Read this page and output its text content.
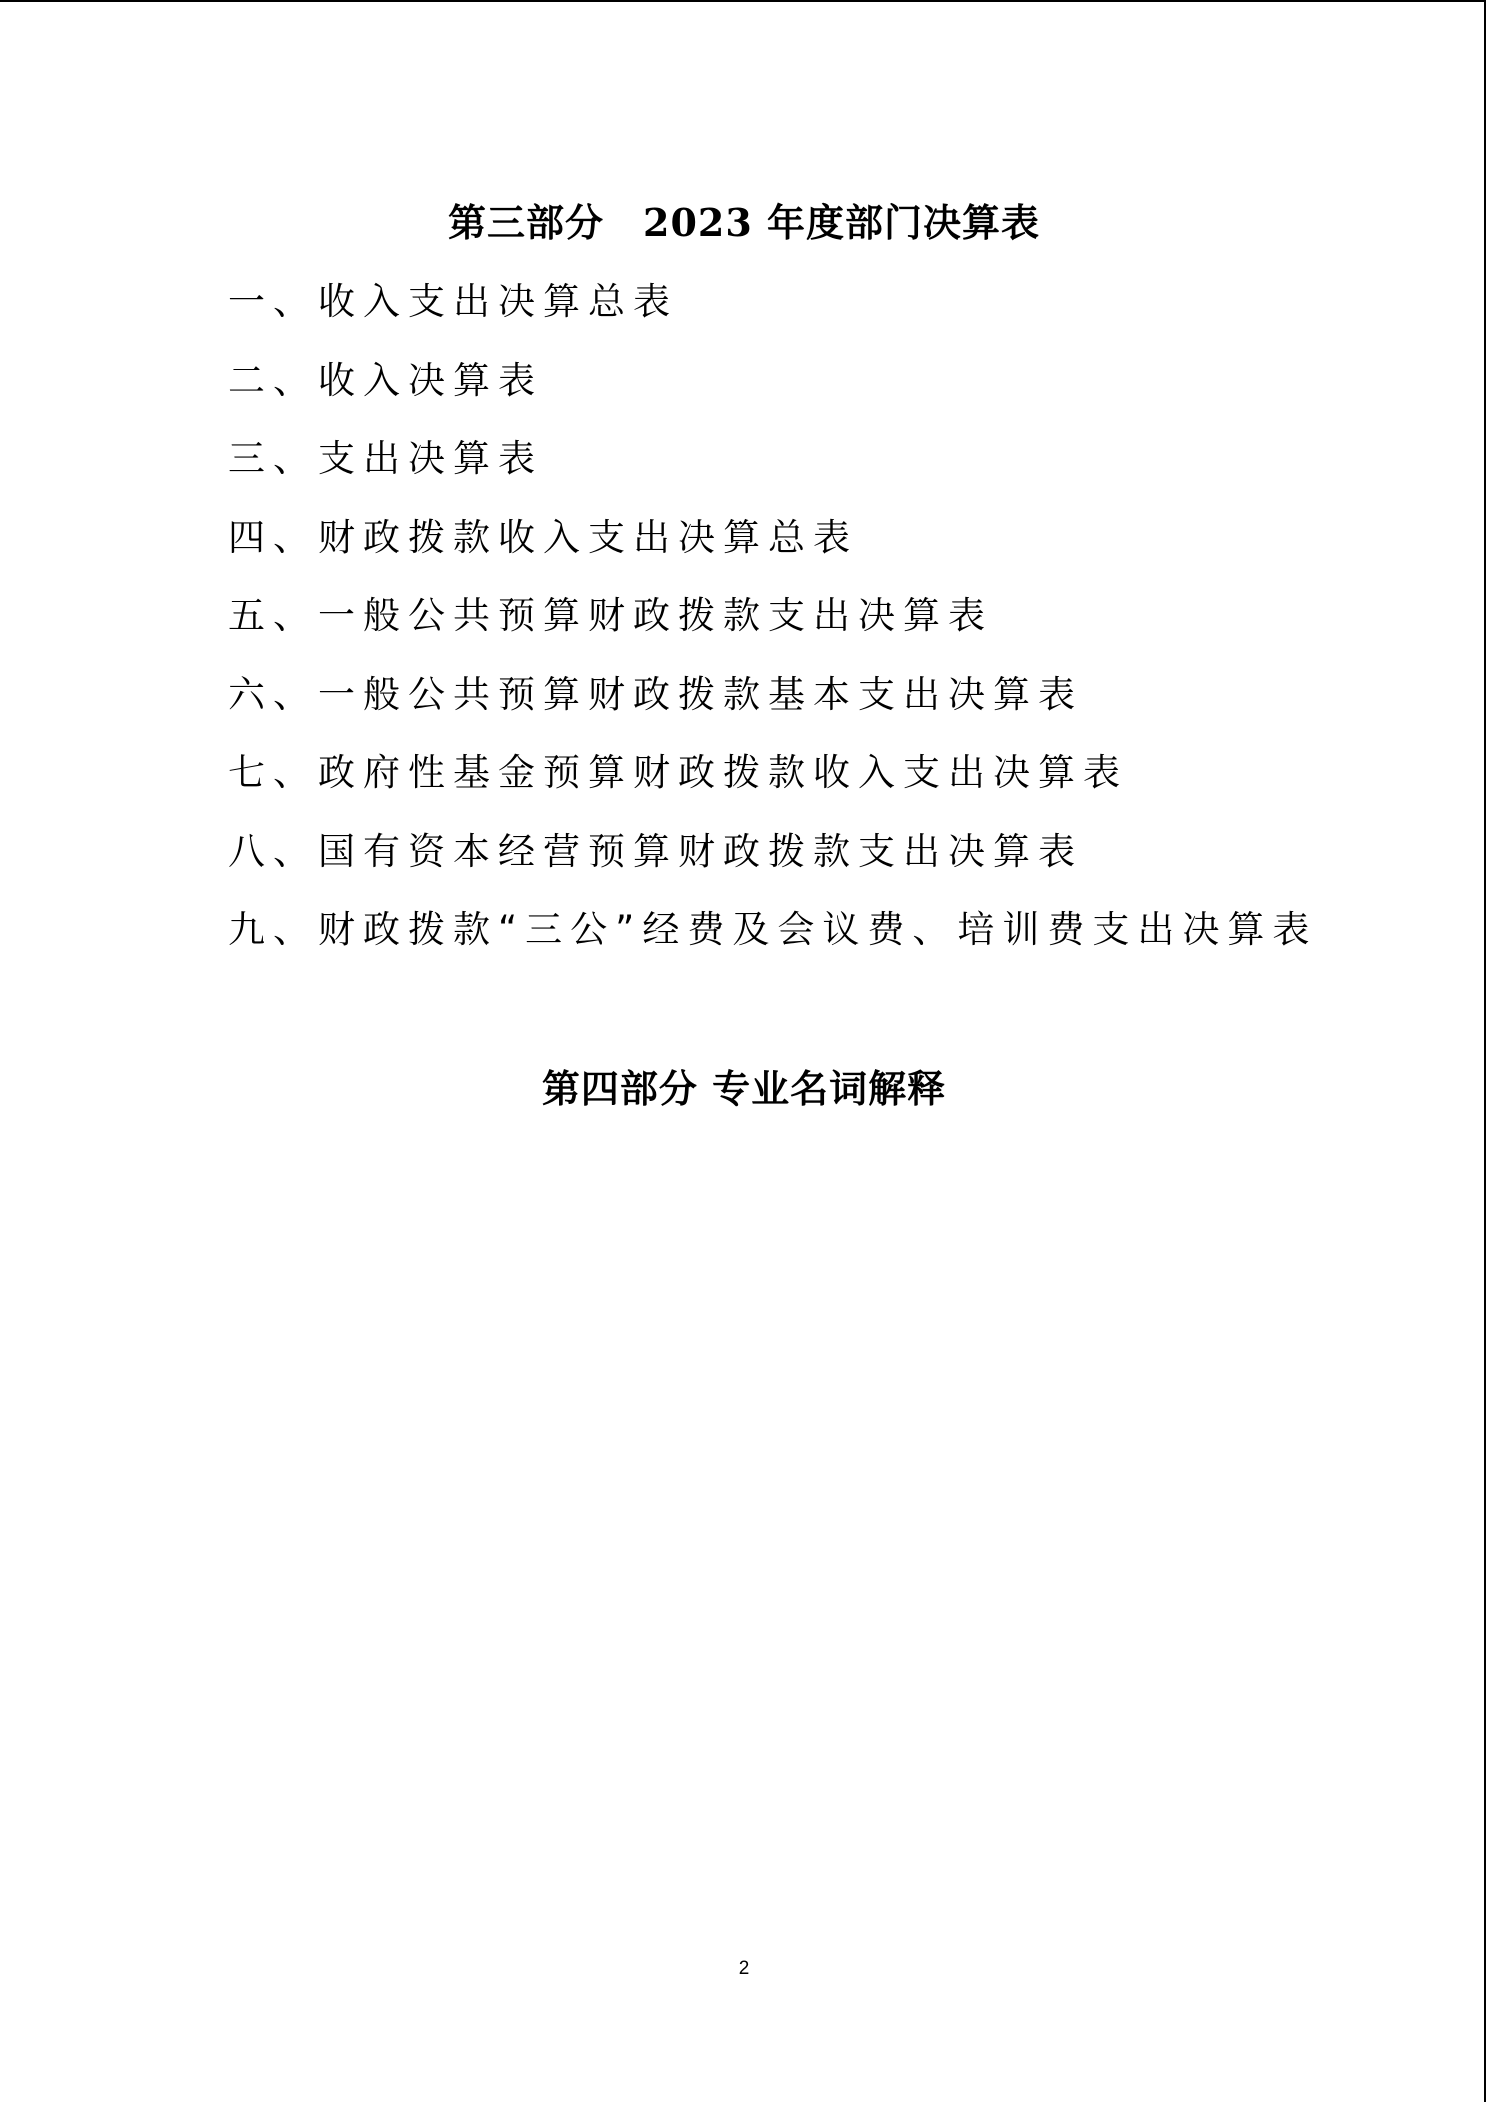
第三部分　2023 年度部门决算表
一、收入支出决算总表
二、收入决算表
三、支出决算表
四、财政拨款收入支出决算总表
五、一般公共预算财政拨款支出决算表
六、一般公共预算财政拨款基本支出决算表
七、政府性基金预算财政拨款收入支出决算表
八、国有资本经营预算财政拨款支出决算表
九、财政拨款“三公”经费及会议费、培训费支出决算表
第四部分 专业名词解释
2
